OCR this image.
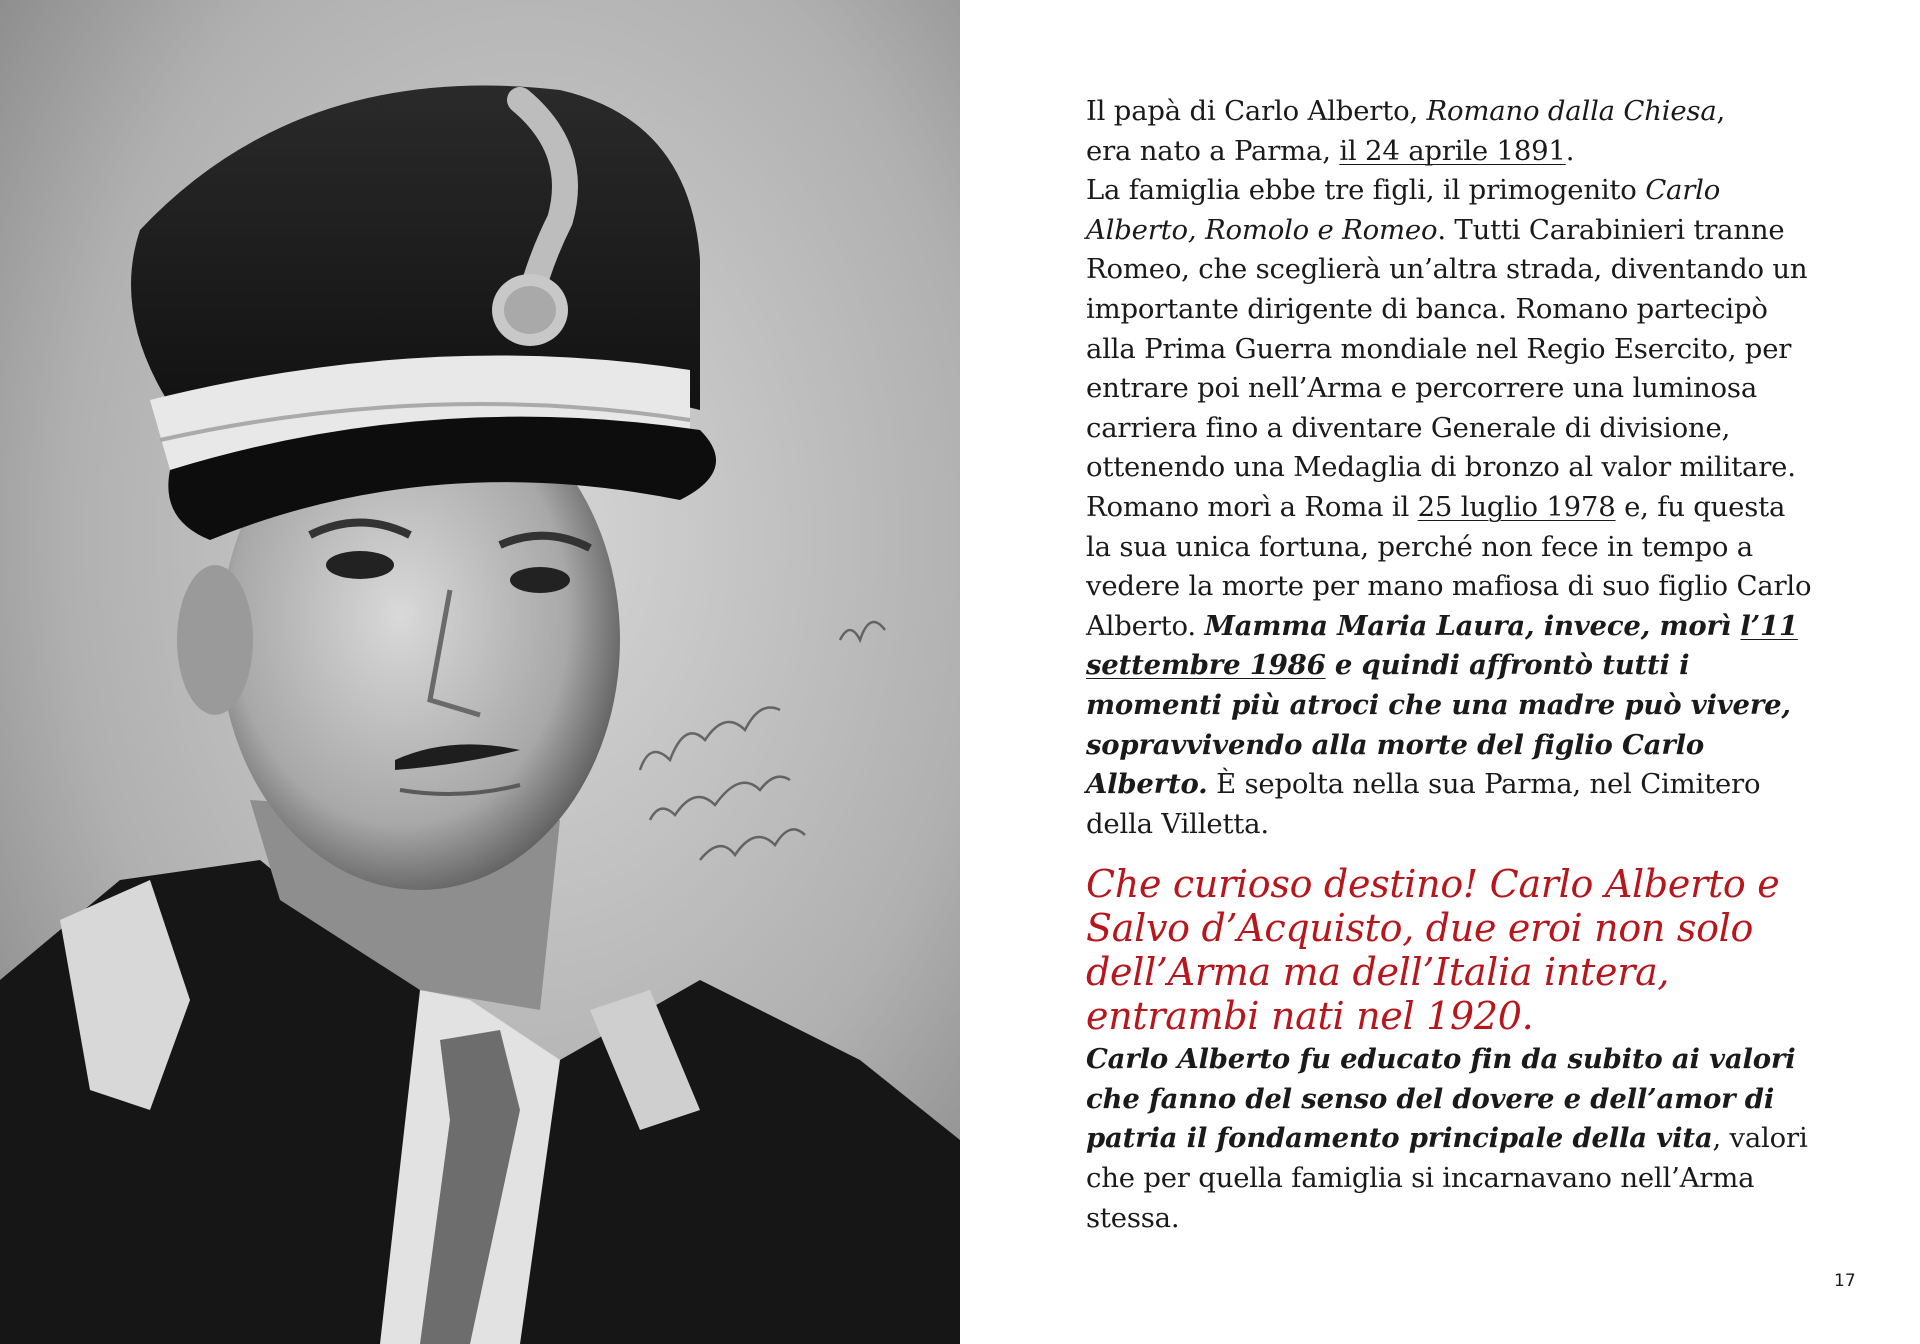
Il papà di Carlo Alberto, Romano dalla Chiesa,
era nato a Parma, il 24 aprile 1891.
La famiglia ebbe tre figli, il primogenito Carlo Alberto, Romolo e Romeo. Tutti Carabinieri tranne Romeo, che sceglierà un’altra strada, diventando un importante dirigente di banca. Romano partecipò alla Prima Guerra mondiale nel Regio Esercito, per entrare poi nell’Arma e percorrere una luminosa carriera fino a diventare Generale di divisione, ottenendo una Medaglia di bronzo al valor militare. Romano morì a Roma il 25 luglio 1978 e, fu questa la sua unica fortuna, perché non fece in tempo a vedere la morte per mano mafiosa di suo figlio Carlo Alberto. Mamma Maria Laura, invece, morì l’11 settembre 1986 e quindi affrontò tutti i momenti più atroci che una madre può vivere, sopravvivendo alla morte del figlio Carlo Alberto. È sepolta nella sua Parma, nel Cimitero della Villetta.

Che curioso destino! Carlo Alberto e Salvo d’Acquisto, due eroi non solo dell’Arma ma dell’Italia intera, entrambi nati nel 1920.

Carlo Alberto fu educato fin da subito ai valori che fanno del senso del dovere e dell’amor di patria il fondamento principale della vita, valori che per quella famiglia si incarnavano nell’Arma stessa.

17
